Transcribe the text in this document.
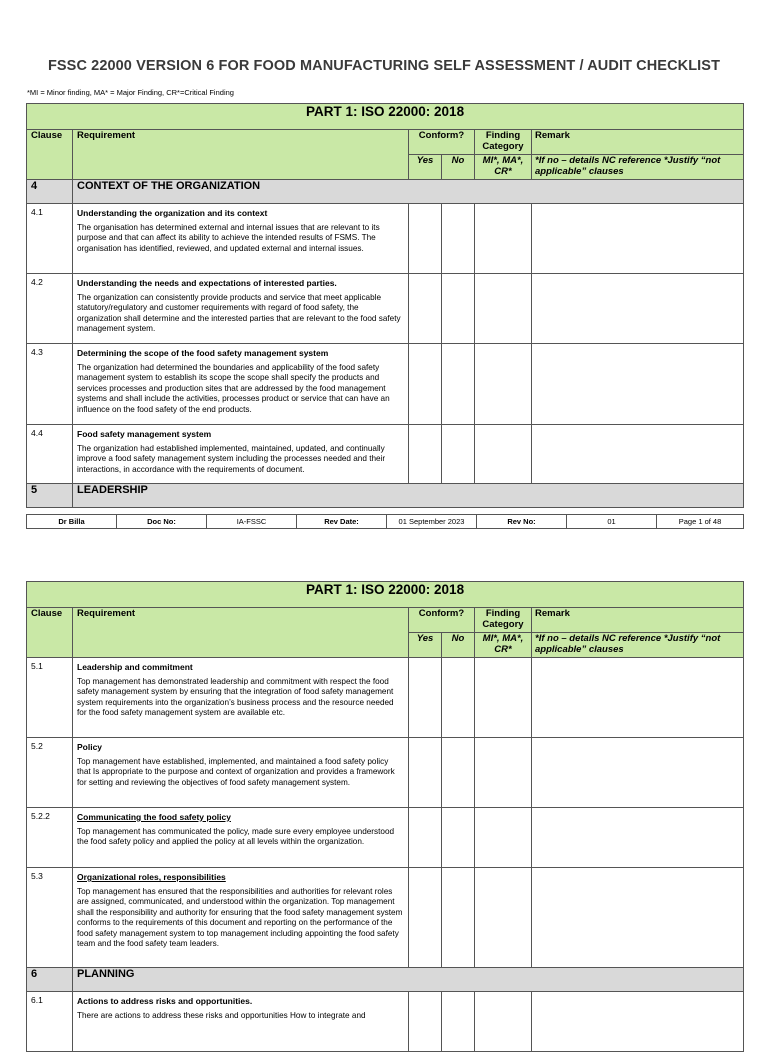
FSSC 22000 VERSION 6 FOR FOOD MANUFACTURING SELF ASSESSMENT / AUDIT CHECKLIST
*MI = Minor finding, MA* = Major Finding, CR*=Critical Finding
PART 1: ISO 22000: 2018					
Clause	Requirement	Conform?		Finding Category	Remark
		Yes	No	MI*, MA*, CR*	*If no – details NC reference *Justify “not applicable” clauses
4	CONTEXT OF THE ORGANIZATION				
4.1	Understanding the organization and its context
The organisation has determined external and internal issues that are relevant to its purpose and that can affect its ability to achieve the intended results of FSMS. The organisation has identified, reviewed, and updated external and internal issues.				

4.2	Understanding the needs and expectations of interested parties.
The organization can consistently provide products and service that meet applicable statutory/regulatory and customer requirements with regard of food safety, the organization shall determine and the interested parties that are relevant to the food safety management system.				

4.3	Determining the scope of the food safety management system
The organization had determined the boundaries and applicability of the food safety management system to establish its scope the scope shall specify the products and services processes and production sites that are addressed by the food management systems and shall include the activities, processes product or service that can have an influence on the food safety of the end products.				

4.4	Food safety management system
The organization had established implemented, maintained, updated, and continually improve a food safety management system including the processes needed and their interactions, in accordance with the requirements of document.				

5	LEADERSHIP				
Dr Billa	Doc No:	IA-FSSC	Rev Date:	01 September 2023	Rev No:	01	Page 1 of 48
PART 1: ISO 22000: 2018					
Clause	Requirement	Conform?		Finding Category	Remark
		Yes	No	MI*, MA*, CR*	*If no – details NC reference *Justify “not applicable” clauses
5.1	Leadership and commitment
Top management has demonstrated leadership and commitment with respect the food safety management system by ensuring that the integration of food safety management system requirements into the organization’s business process and the resource needed for the food safety management system are available etc.				

5.2	Policy
Top management have established, implemented, and maintained a food safety policy that Is appropriate to the purpose and context of organization and provides a framework for setting and reviewing the objectives of food safety management system.				

5.2.2	Communicating the food safety policy
Top management has communicated the policy, made sure every employee understood the food safety policy and applied the policy at all levels within the organization.				

5.3	Organizational roles, responsibilities
Top management has ensured that the responsibilities and authorities for relevant roles are assigned, communicated, and understood within the organization. Top management shall the responsibility and authority for ensuring that the food safety management system conforms to the requirements of this document and reporting on the performance of the food safety management system to top management including appointing the food safety team and the food safety team leaders.				

6	PLANNING				
6.1	Actions to address risks and opportunities.
There are actions to address these risks and opportunities How to integrate and				
